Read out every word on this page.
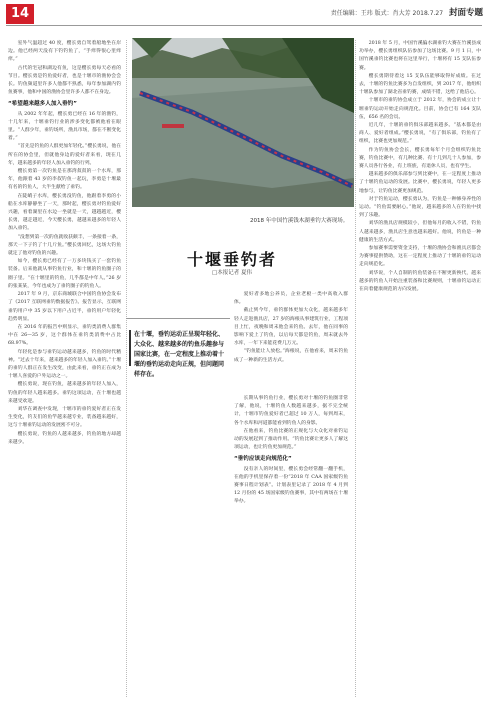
14	责任编辑：王玮 版式：肖大芳 2018.7.27 封面专题
2018 年中国竹溪钱木湖垂钓大赛现场。
十堰垂钓者
□本报记者 夏伟
在十堰，垂钓运动正呈现年轻化、大众化、越来越多的钓鱼乐趣参与国家比赛，在一定程度上推动着十堰的垂钓运动走向正规，但问题同样存在。

室外气温超过 40 度，樱长勇自驾着船地坐在岸边。他已经两天没有下钓钓鱼了，“手痒得很心里痒痒。”

古代的宅冠和湖边有鱼，这是樱长勇每天必看的节目。樱长勇是钓鱼爱好者，也是十堰市的渔协会会长。钓鱼频道里许多人他都不熟悉，每年参加湖内钓鱼赛事，他和中国的渔协会里许多人都不在身边。

“希望越来越多人加入垂钓”

从 2002 年年起，樱长勇已经在 16 年的渔钓，十几年来，十堰垂钓行业的涉多变化都被他看在眼里。“人群少年，垂钓场所，渔具市场，都在不断变化着。”

“首先是钓鱼的人群更加年轻化。”樱长勇说，他在所在的协会里，但就他身边的爱好者来看，现在几年，越来越多的年轻人加入垂钓的行列。

樱长勇第一次钓鱼是在那湾叔叔的一个水库，那年，他跟着 43 岁的李叔钓鱼一起玩，李勇是十堰最有名的钓鱼人，大半生献给了垂钓。

在陡峭子水库，樱长勇没钓鱼，他跟着李勇的小船在水库静静坐了一天，那时起，樱长勇对钓鱼爱好兴趣，看着湖里在水边一坐就是一天，越越越近，樱长勇，越走越近，今天樱长勇，越越来越多的年轻人加入垂钓。

“没想到第一次的鱼就收获颇丰，一条接着一条，那天一下子钓了十几斤鱼。”樱长勇回忆，这场大钓鱼就定了他对钓鱼的兴趣。

如今，樱长勇已经有了一万多块钱买了一套钓鱼装备。后来他就从事钓鱼行业，和十堰的钓鱼圈子的圈子里。“在十堰里的钓鱼，几乎都是中年人。”26 岁的张某某，今年也成为了垂钓圈子的钓鱼人。

2017 年 9 月，京东商城联合中国钓鱼协会发布了《2017 互联网垂钓数据报告》。报告显示，互联网垂钓用户中 35 岁以下用户占近半，垂钓用户年轻化趋势明显。

在 2016 年的报告中则显示，垂钓类消费人群集中在 26—35 岁，这个群体在垂钓类消费中占比 68.97%。

年轻化是参与垂钓运动越来越多，钓鱼的时代精神。“过去十年来，越来越多的年轻人加入垂钓。”十堰的垂钓人群正在发生改变，由此来看，垂钓正在成为十堰人喜爱的户外运动之一。

樱长勇说，现在钓鱼，越来越多的年轻人加入，钓鱼的年轻人越来越多。垂钓这项运动，在十堰也越来越受欢迎。

刘华在调查中发现，十堰市的垂钓爱好者正在发生变化，钓友们的鱼竿越来越专业，装备越来越好，这与十堰垂钓运动的发展密不可分。

樱长勇说，钓鱼的人越来越多，钓鱼的地方却越来越少。

爱好者多地公养员，企业老板一类中高收入群体。

截止到今年，垂钓群体更加大众化，越来越多年轻人走进渔具店，27 岁的海根从事建筑行业，工程项目上忙，夜晚和周末他会来钓鱼。去年，他在同事的影响下爱上了钓鱼，以后每天都是钓鱼，周末就去外水库，一年下来能花费几万元。

“钓鱼能让人放松。”海根说，在他看来，周末钓鱼成了一种新的生活方式。

长期从事钓鱼行业，樱长勇对十堰的钓鱼圈非常了解，他说，十堰钓鱼人数越来越多，据不完全统计，十堰市钓鱼爱好者已超过 10 万人，每到周末，各个水库和河道都能看到钓鱼人的身影。

在他看来，钓鱼比赛的正规化与大众化对垂钓运动的发展起到了推动作用。“钓鱼比赛让更多人了解这项运动，也让钓鱼更加规范。”

“垂钓应该走向规范化”

没有亲人的时间里，樱长勇会经常翻一翻手机，在他的手机里保存着一份“2018 年 CAA 国家级钓鱼赛事日程计划表”。计划表里记录了 2018 年 4 月到 12 月份的 45 场国家级钓鱼赛事，其中有两场在十堰举办。

2018 年 5 月，中国竹溪偏水湖垂钓大赛在竹溪县成功举办，樱长勇组织队伍参加了这场比赛。9 月 1 日，中国竹溪垂钓比赛也将在这里举行，十堰将有 15 支队伍参赛。

樱长勇期待着这 15 支队伍能够取得好成绩。在过去，十堰的钓鱼比赛多为自发组织，到 2017 年，他组织十堰队参加了湖北省垂钓赛，成绩不错，这给了他信心。

十堰市的垂钓协会成立于 2012 年，协会的成立让十堰垂钓运动开始走向规范化。目前，协会已有 164 支队伍，656 名的会员。

近几年，十堰的垂钓俱乐部越来越多。“基本都是由商人、爱好者组成。”樱长勇说，“有了俱乐部，钓鱼有了组织，比赛也更加规范。”

作为钓鱼协会会长，樱长勇每年个月会组织钓鱼比赛，钓鱼比赛中，有几种比赛、有十几到几十人参加，参赛人员各行各业，有上班族，有退休人员，也有学生。

越来越多的俱乐部参与到比赛中，在一定程度上推动了十堰钓鱼运动的发展。比赛中，樱长勇说，年轻人更多地参与，让钓鱼比赛更加规范。

对于钓鱼运动，樱长勇认为，钓鱼是一种修身养性的运动。“钓鱼需要耐心。”他说，越来越多的人在钓鱼中找到了乐趣。

刘华的渔具店规模较小，但他每月的收入不错，钓鱼人越来越多，渔具店生意也越来越好。他说，钓鱼是一种健康的生活方式。

参加赛事需要资金支持，十堰的渔协会和渔具店都会为赛事提供赞助，这在一定程度上推动了十堰的垂钓运动走向规范化。

刘华说，个人自制的钓鱼装备在不断更新换代，越来越多的钓鱼人开始注重装备和比赛规则，十堰垂钓运动正在向着健康规范的方向发展。
